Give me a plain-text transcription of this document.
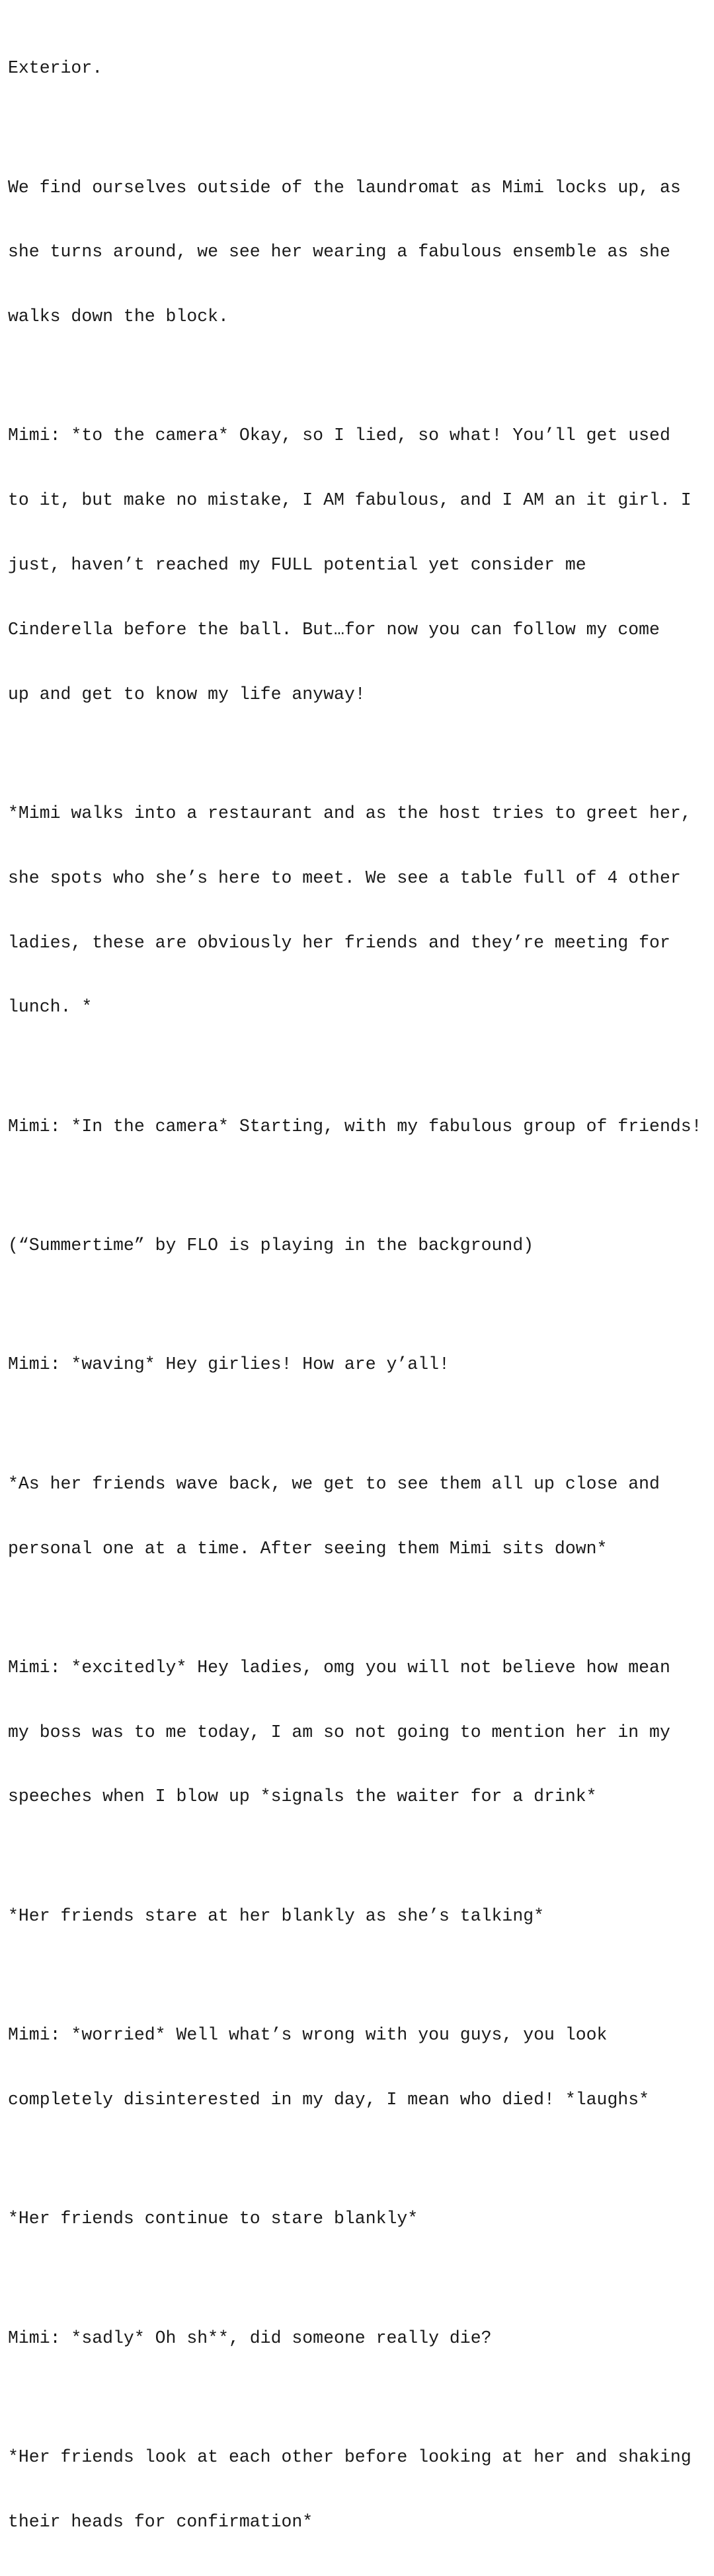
Exterior.

We find ourselves outside of the laundromat as Mimi locks up, as

she turns around, we see her wearing a fabulous ensemble as she

walks down the block.

Mimi: *to the camera* Okay, so I lied, so what! You’ll get used

to it, but make no mistake, I AM fabulous, and I AM an it girl. I

just, haven’t reached my FULL potential yet consider me

Cinderella before the ball. But…for now you can follow my come

up and get to know my life anyway!

*Mimi walks into a restaurant and as the host tries to greet her,

she spots who she’s here to meet. We see a table full of 4 other

ladies, these are obviously her friends and they’re meeting for

lunch. *

Mimi: *In the camera* Starting, with my fabulous group of friends!

(“Summertime” by FLO is playing in the background)

Mimi: *waving* Hey girlies! How are y’all!

*As her friends wave back, we get to see them all up close and

personal one at a time. After seeing them Mimi sits down*

Mimi: *excitedly* Hey ladies, omg you will not believe how mean

my boss was to me today, I am so not going to mention her in my

speeches when I blow up *signals the waiter for a drink*

*Her friends stare at her blankly as she’s talking*

Mimi: *worried* Well what’s wrong with you guys, you look

completely disinterested in my day, I mean who died! *laughs*

*Her friends continue to stare blankly*

Mimi: *sadly* Oh sh**, did someone really die?

*Her friends look at each other before looking at her and shaking

their heads for confirmation*
